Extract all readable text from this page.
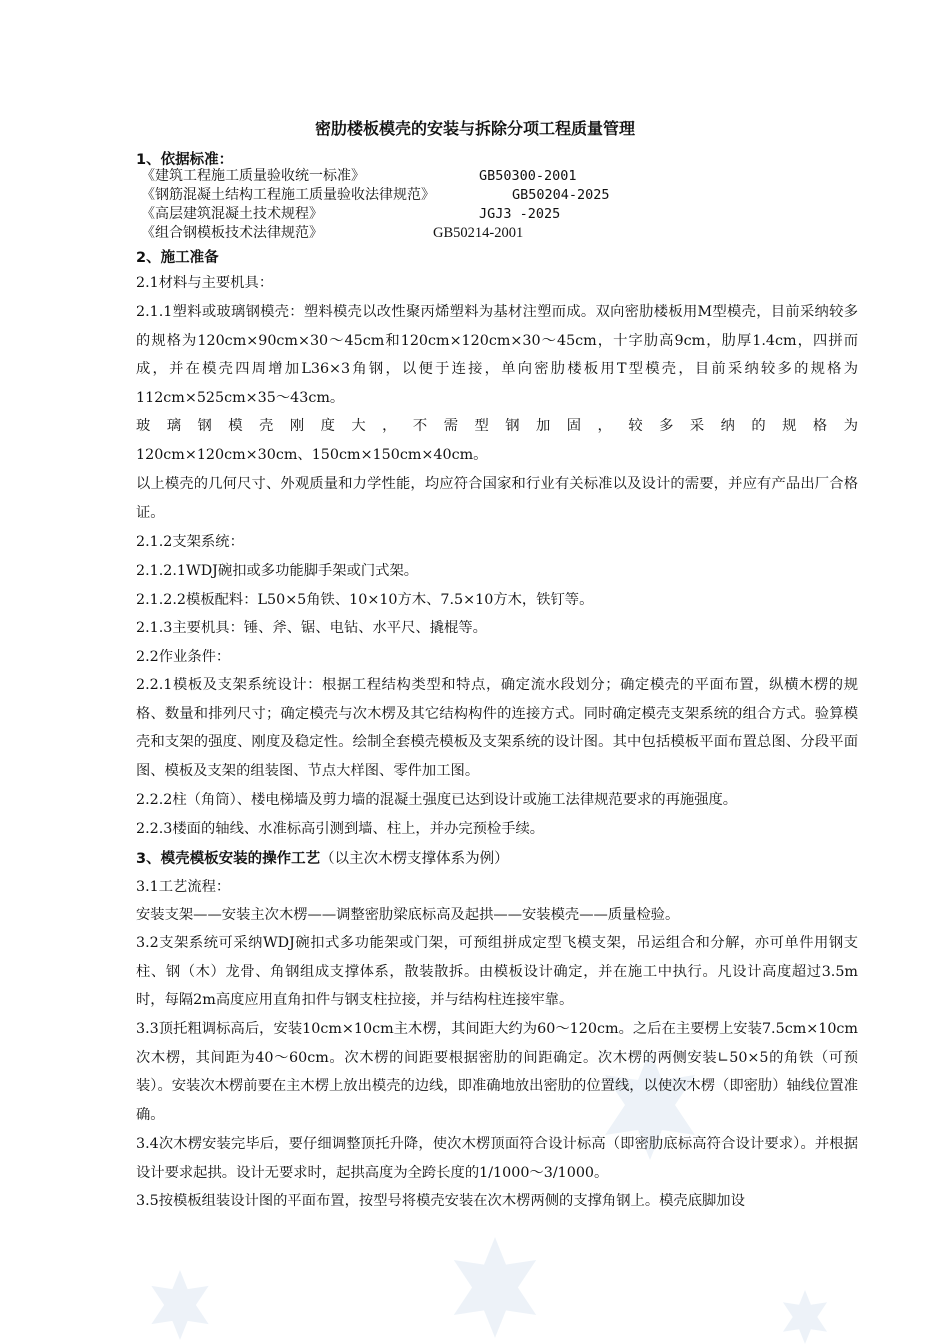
密肋楼板模壳的安装与拆除分项工程质量管理

1、依据标准：

《建筑工程施工质量验收统一标准》	GB50300-2001
《钢筋混凝土结构工程施工质量验收法律规范》	GB50204-2025
《高层建筑混凝土技术规程》	JGJ3 -2025
《组合钢模板技术法律规范》	GB50214-2001

2、施工准备

2.1材料与主要机具：

2.1.1塑料或玻璃钢模壳：塑料模壳以改性聚丙烯塑料为基材注塑而成。双向密肋楼板用M型模壳，目前采纳较多的规格为120cm×90cm×30～45cm和120cm×120cm×30～45cm，十字肋高9cm，肋厚1.4cm，四拼而成，并在模壳四周增加L36×3角钢，以便于连接，单向密肋楼板用T型模壳，目前采纳较多的规格为112cm×525cm×35～43cm。

玻璃钢模壳刚度大，不需型钢加固，较多采纳的规格为

120cm×120cm×30cm、150cm×150cm×40cm。

以上模壳的几何尺寸、外观质量和力学性能，均应符合国家和行业有关标准以及设计的需要，并应有产品出厂合格证。

2.1.2支架系统：

2.1.2.1WDJ碗扣或多功能脚手架或门式架。

2.1.2.2模板配料：L50×5角铁、10×10方木、7.5×10方木，铁钉等。

2.1.3主要机具：锤、斧、锯、电钻、水平尺、撬棍等。

2.2作业条件：

2.2.1模板及支架系统设计：根据工程结构类型和特点，确定流水段划分；确定模壳的平面布置，纵横木楞的规格、数量和排列尺寸；确定模壳与次木楞及其它结构构件的连接方式。同时确定模壳支架系统的组合方式。验算模壳和支架的强度、刚度及稳定性。绘制全套模壳模板及支架系统的设计图。其中包括模板平面布置总图、分段平面图、模板及支架的组装图、节点大样图、零件加工图。

2.2.2柱（角筒）、楼电梯墙及剪力墙的混凝土强度已达到设计或施工法律规范要求的再施强度。

2.2.3楼面的轴线、水准标高引测到墙、柱上，并办完预检手续。

3、模壳模板安装的操作工艺（以主次木楞支撑体系为例）

3.1工艺流程：

安装支架——安装主次木楞——调整密肋梁底标高及起拱——安装模壳——质量检验。

3.2支架系统可采纳WDJ碗扣式多功能架或门架，可预组拼成定型飞模支架，吊运组合和分解，亦可单件用钢支柱、钢（木）龙骨、角钢组成支撑体系，散装散拆。由模板设计确定，并在施工中执行。凡设计高度超过3.5m时，每隔2m高度应用直角扣件与钢支柱拉接，并与结构柱连接牢靠。

3.3顶托粗调标高后，安装10cm×10cm主木楞，其间距大约为60～120cm。之后在主要楞上安装7.5cm×10cm次木楞，其间距为40～60cm。次木楞的间距要根据密肋的间距确定。次木楞的两侧安装∟50×5的角铁（可预装）。安装次木楞前要在主木楞上放出模壳的边线，即准确地放出密肋的位置线，以使次木楞（即密肋）轴线位置准确。

3.4次木楞安装完毕后，要仔细调整顶托升降，使次木楞顶面符合设计标高（即密肋底标高符合设计要求）。并根据设计要求起拱。设计无要求时，起拱高度为全跨长度的1/1000～3/1000。

3.5按模板组装设计图的平面布置，按型号将模壳安装在次木楞两侧的支撑角钢上。模壳底脚加设
